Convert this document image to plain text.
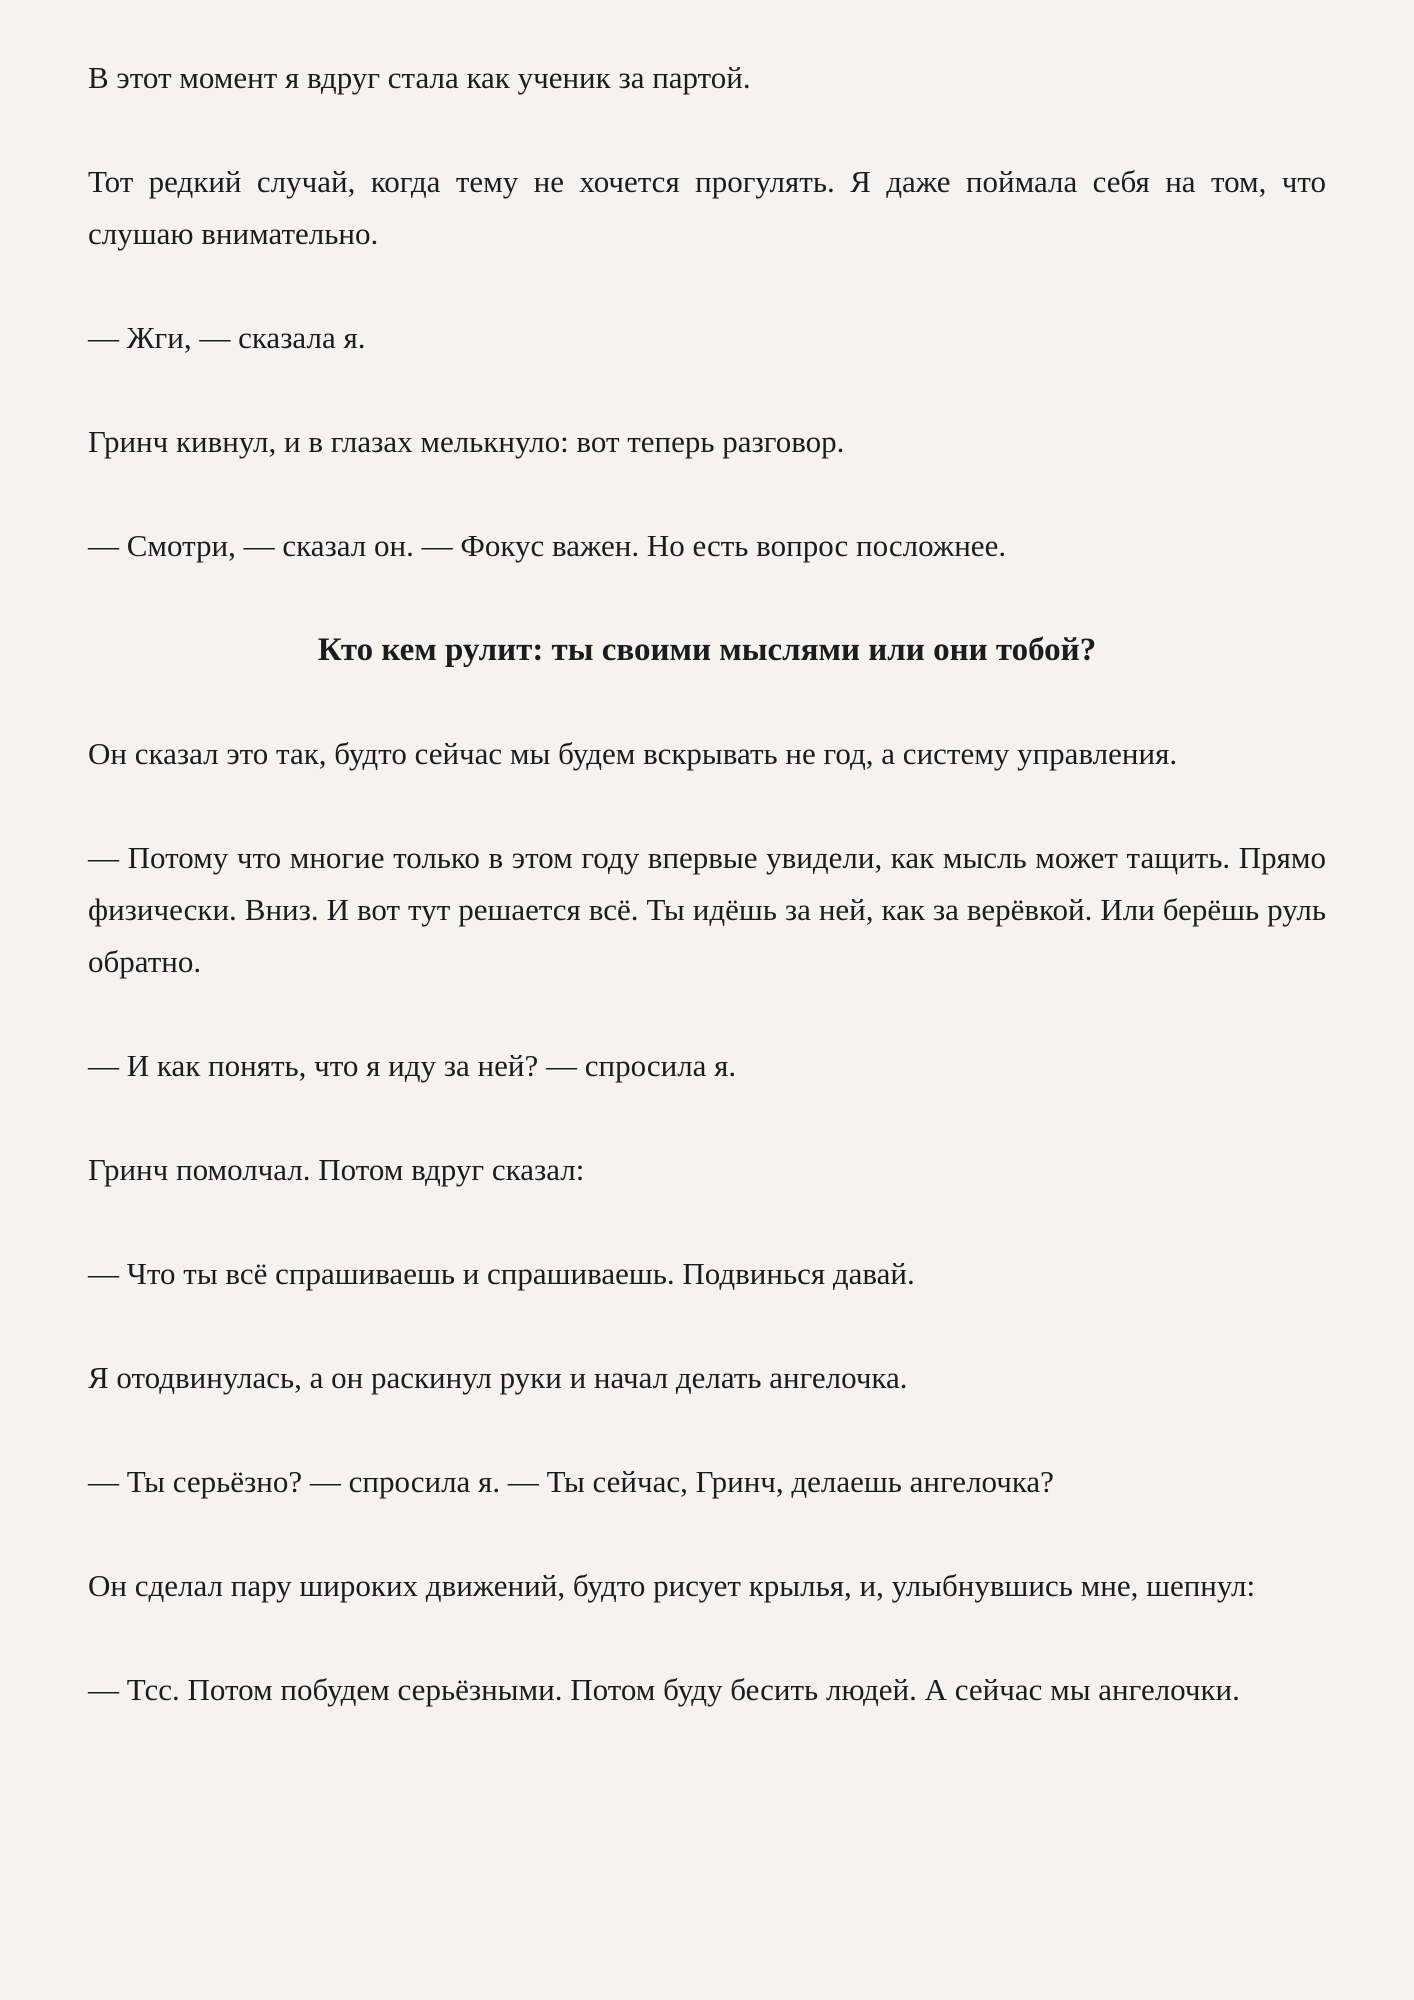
В этот момент я вдруг стала как ученик за партой.

Тот редкий случай, когда тему не хочется прогулять. Я даже поймала себя на том, что слушаю внимательно.

— Жги, — сказала я.

Гринч кивнул, и в глазах мелькнуло: вот теперь разговор.

— Смотри, — сказал он. — Фокус важен. Но есть вопрос посложнее.

Кто кем рулит: ты своими мыслями или они тобой?

Он сказал это так, будто сейчас мы будем вскрывать не год, а систему управления.

— Потому что многие только в этом году впервые увидели, как мысль может тащить. Прямо физически. Вниз. И вот тут решается всё. Ты идёшь за ней, как за верёвкой. Или берёшь руль обратно.

— И как понять, что я иду за ней? — спросила я.

Гринч помолчал. Потом вдруг сказал:

— Что ты всё спрашиваешь и спрашиваешь. Подвинься давай.

Я отодвинулась, а он раскинул руки и начал делать ангелочка.

— Ты серьёзно? — спросила я. — Ты сейчас, Гринч, делаешь ангелочка?

Он сделал пару широких движений, будто рисует крылья, и, улыбнувшись мне, шепнул:

— Тсс. Потом побудем серьёзными. Потом буду бесить людей. А сейчас мы ангелочки.
